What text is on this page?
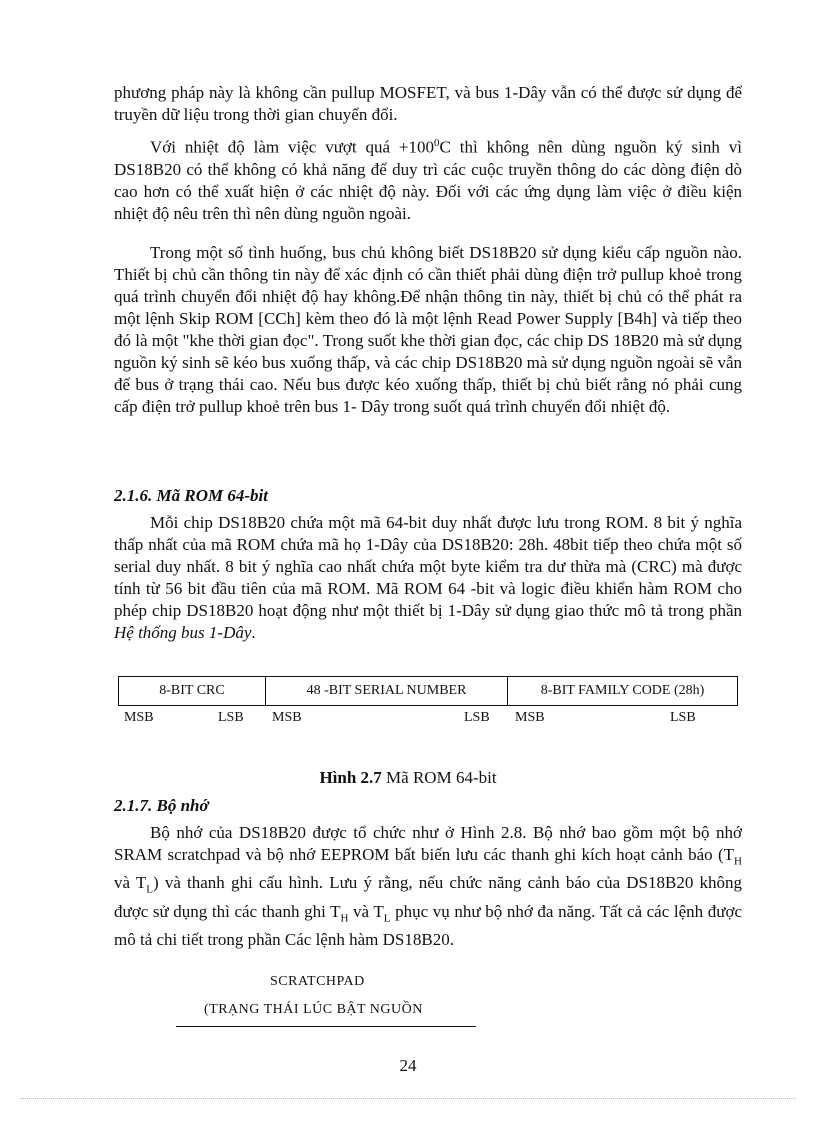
phương pháp này là không cần pullup MOSFET, và bus 1-Dây vẫn có thể được sử dụng để truyền dữ liệu trong thời gian chuyển đổi.

Với nhiệt độ làm việc vượt quá $+100^0C$ thì không nên dùng nguồn ký sinh vì DS18B20 có thể không có khả năng để duy trì các cuộc truyền thông do các dòng điện dò cao hơn có thể xuất hiện ở các nhiệt độ này. Đối với các ứng dụng làm việc ở điều kiện nhiệt độ nêu trên thì nên dùng nguồn ngoài.

Trong một số tình huống, bus chủ không biết DS18B20 sử dụng kiểu cấp nguồn nào. Thiết bị chủ cần thông tin này để xác định có cần thiết phải dùng điện trở pullup khoẻ trong quá trình chuyển đổi nhiệt độ hay không.Để nhận thông tin này, thiết bị chủ có thể phát ra một lệnh Skip ROM [CCh] kèm theo đó là một lệnh Read Power Supply [B4h] và tiếp theo đó là một "khe thời gian đọc". Trong suốt khe thời gian đọc, các chip DS 18B20 mà sử dụng nguồn ký sinh sẽ kéo bus xuống thấp, và các chip DS18B20 mà sử dụng nguồn ngoài sẽ vẫn để bus ở trạng thái cao. Nếu bus được kéo xuống thấp, thiết bị chủ biết rằng nó phải cung cấp điện trở pullup khoẻ trên bus 1- Dây trong suốt quá trình chuyển đổi nhiệt độ.

2.1.6. Mã ROM 64-bit

Mỗi chip DS18B20 chứa một mã 64-bit duy nhất được lưu trong ROM. 8 bit ý nghĩa thấp nhất của mã ROM chứa mã họ 1-Dây của DS18B20: 28h. 48bit tiếp theo chứa một số serial duy nhất. 8 bit ý nghĩa cao nhất chứa một byte kiểm tra dư thừa mà (CRC) mà được tính từ 56 bit đầu tiên của mã ROM. Mã ROM 64 -bit và logic điều khiển hàm ROM cho phép chip DS18B20 hoạt động như một thiết bị 1-Dây sử dụng giao thức mô tả trong phần Hệ thống bus 1-Dây.

8-BIT CRC	48 -BIT SERIAL NUMBER	8-BIT FAMILY CODE (28h)
MSB	LSB MSB	LSB MSB	LSB
Hình 2.7 Mã ROM 64-bit

2.1.7. Bộ nhớ

Bộ nhớ của DS18B20 được tổ chức như ở Hình 2.8. Bộ nhớ bao gồm một bộ nhớ SRAM scratchpad và bộ nhớ EEPROM bất biến lưu các thanh ghi kích hoạt cảnh báo ($T_H$ và $T_L$) và thanh ghi cấu hình. Lưu ý rằng, nếu chức năng cảnh báo của DS18B20 không được sử dụng thì các thanh ghi $T_H$ và $T_L$ phục vụ như bộ nhớ đa năng. Tất cả các lệnh được mô tả chi tiết trong phần Các lệnh hàm DS18B20.

SCRATCHPAD
(TRẠNG THÁI LÚC BẬT NGUỒN
24
